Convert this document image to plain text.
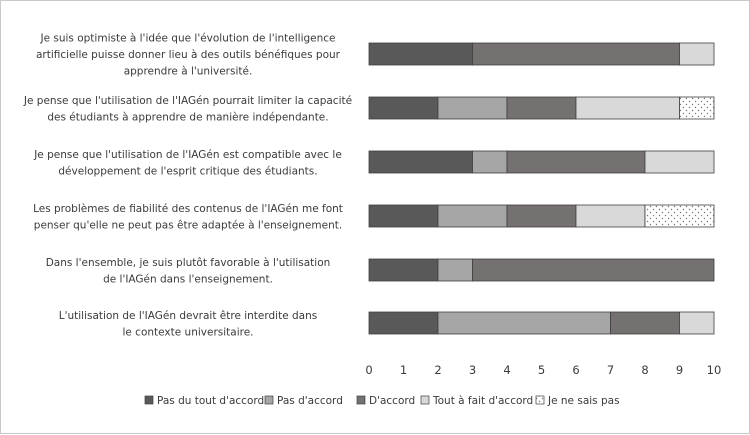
Je suis optimiste à l'idée que l'évolution de l'intelligence
artificielle puisse donner lieu à des outils bénéfiques pour
apprendre à l'université.
Je pense que l'utilisation de l'IAGén pourrait limiter la capacité
des étudiants à apprendre de manière indépendante.
Je pense que l'utilisation de l'IAGén est compatible avec le
développement de l'esprit critique des étudiants.
Les problèmes de fiabilité des contenus de l'IAGén me font
penser qu'elle ne peut pas être adaptée à l'enseignement.
Dans l'ensemble, je suis plutôt favorable à l'utilisation
de l'IAGén dans l'enseignement.
L'utilisation de l'IAGén devrait être interdite dans
le contexte universitaire.
0 1 2 3 4 5 6 7 8 9 10
Pas du tout d'accord Pas d'accord D'accord Tout à fait d'accord Je ne sais pas
